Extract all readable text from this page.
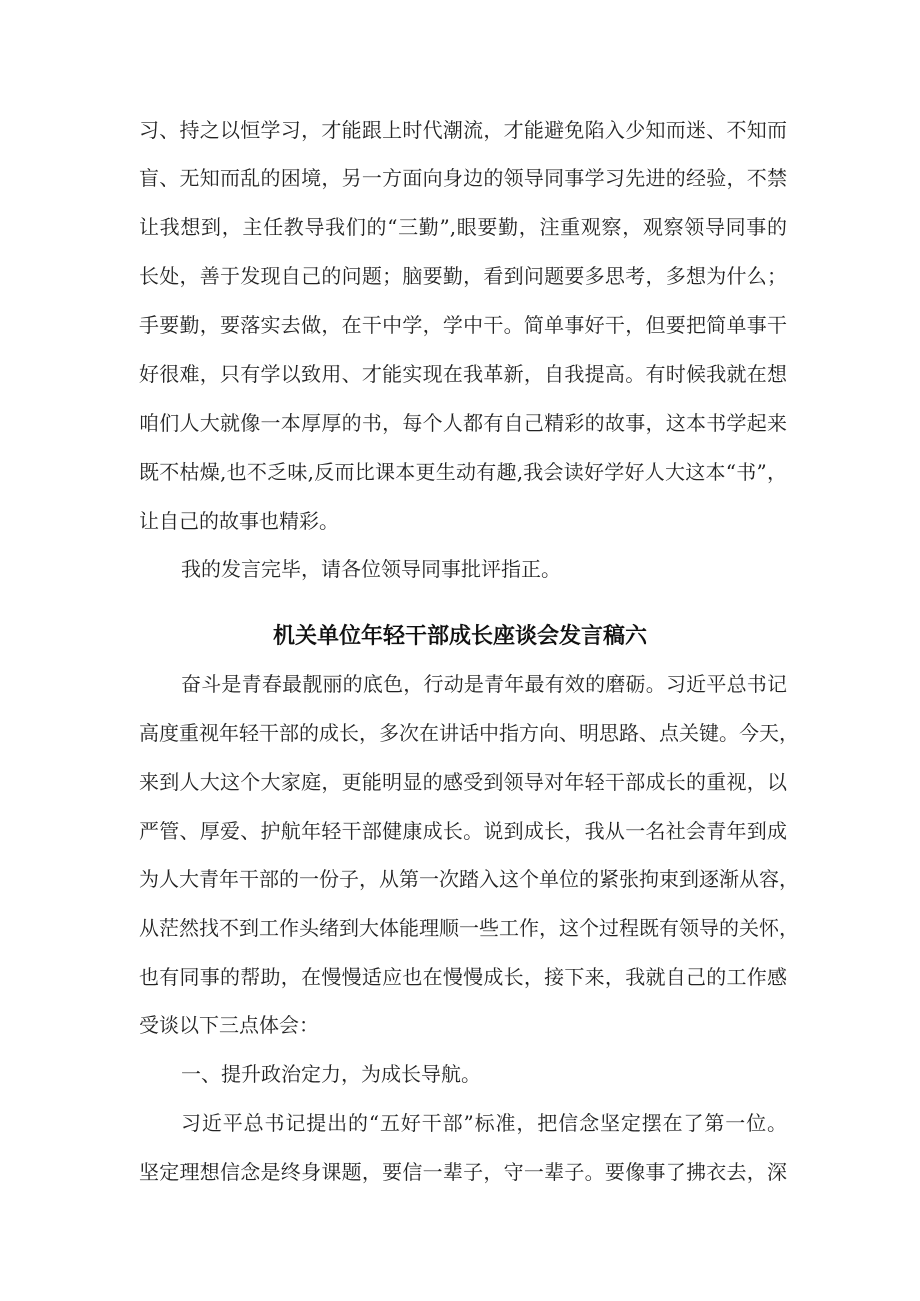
习、持之以恒学习，才能跟上时代潮流，才能避免陷入少知而迷、不知而
盲、无知而乱的困境，另一方面向身边的领导同事学习先进的经验，不禁
让我想到，主任教导我们的“三勤”,眼要勤，注重观察，观察领导同事的
长处，善于发现自己的问题；脑要勤，看到问题要多思考，多想为什么；
手要勤，要落实去做，在干中学，学中干。简单事好干，但要把简单事干
好很难，只有学以致用、才能实现在我革新，自我提高。有时候我就在想
咱们人大就像一本厚厚的书，每个人都有自己精彩的故事，这本书学起来
既不枯燥,也不乏味,反而比课本更生动有趣,我会读好学好人大这本“书”，
让自己的故事也精彩。
我的发言完毕，请各位领导同事批评指正。
机关单位年轻干部成长座谈会发言稿六
奋斗是青春最靓丽的底色，行动是青年最有效的磨砺。习近平总书记
高度重视年轻干部的成长，多次在讲话中指方向、明思路、点关键。今天，
来到人大这个大家庭，更能明显的感受到领导对年轻干部成长的重视，以
严管、厚爱、护航年轻干部健康成长。说到成长，我从一名社会青年到成
为人大青年干部的一份子，从第一次踏入这个单位的紧张拘束到逐渐从容，
从茫然找不到工作头绪到大体能理顺一些工作，这个过程既有领导的关怀，
也有同事的帮助，在慢慢适应也在慢慢成长，接下来，我就自己的工作感
受谈以下三点体会：
一、提升政治定力，为成长导航。
习近平总书记提出的“五好干部”标准，把信念坚定摆在了第一位。
坚定理想信念是终身课题，要信一辈子，守一辈子。要像事了拂衣去，深
